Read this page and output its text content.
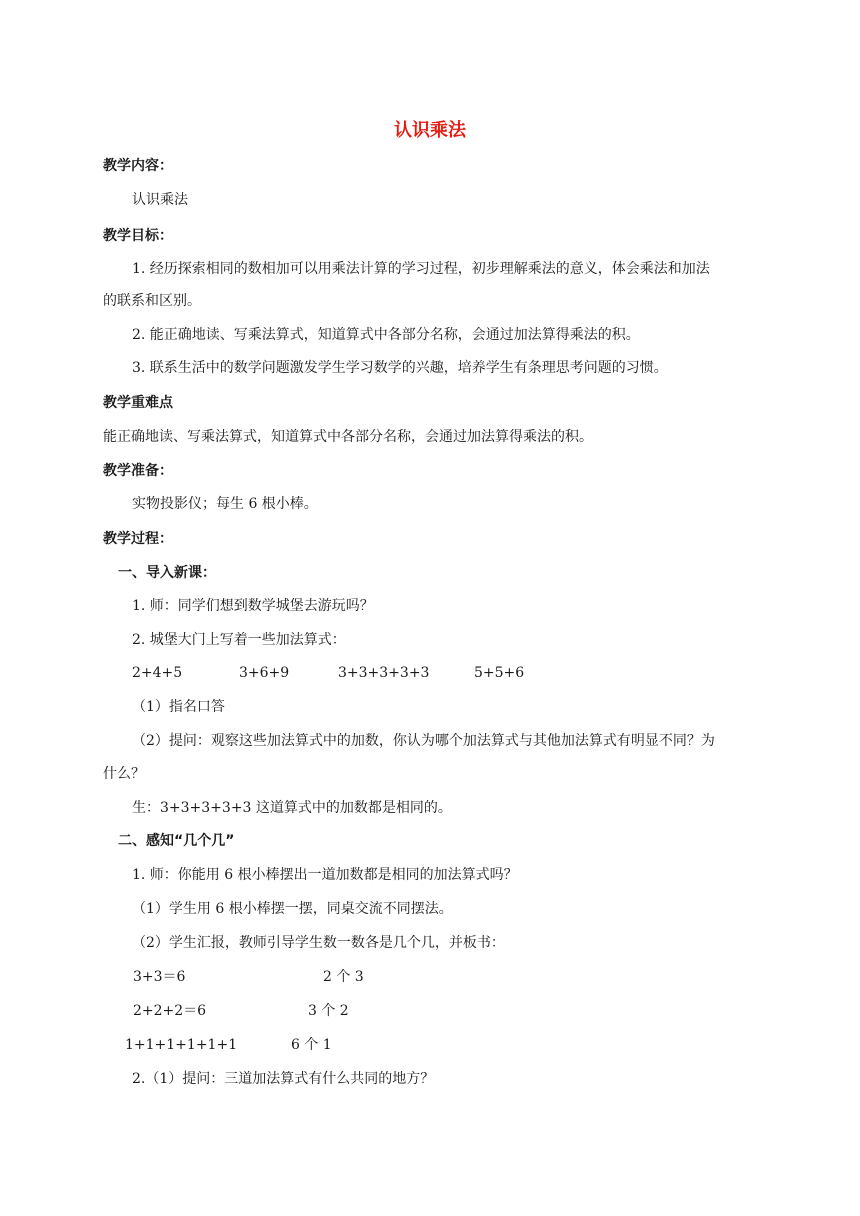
认识乘法
教学内容：
认识乘法
教学目标：
1. 经历探索相同的数相加可以用乘法计算的学习过程，初步理解乘法的意义，体会乘法和加法
的联系和区别。
2. 能正确地读、写乘法算式，知道算式中各部分名称，会通过加法算得乘法的积。
3. 联系生活中的数学问题激发学生学习数学的兴趣，培养学生有条理思考问题的习惯。
教学重难点
能正确地读、写乘法算式，知道算式中各部分名称，会通过加法算得乘法的积。
教学准备：
实物投影仪；每生 6 根小棒。
教学过程：
一、导入新课：
1. 师：同学们想到数学城堡去游玩吗？
2. 城堡大门上写着一些加法算式：
2+4+5	3+6+9	3+3+3+3+3	5+5+6
（1）指名口答
（2）提问：观察这些加法算式中的加数，你认为哪个加法算式与其他加法算式有明显不同？为
什么？
生：3+3+3+3+3 这道算式中的加数都是相同的。
二、感知“几个几”
1. 师：你能用 6 根小棒摆出一道加数都是相同的加法算式吗？
（1）学生用 6 根小棒摆一摆，同桌交流不同摆法。
（2）学生汇报，教师引导学生数一数各是几个几，并板书：
3+3＝6	2 个 3
2+2+2＝6	3 个 2
1+1+1+1+1+1	6 个 1
2.（1）提问：三道加法算式有什么共同的地方？
